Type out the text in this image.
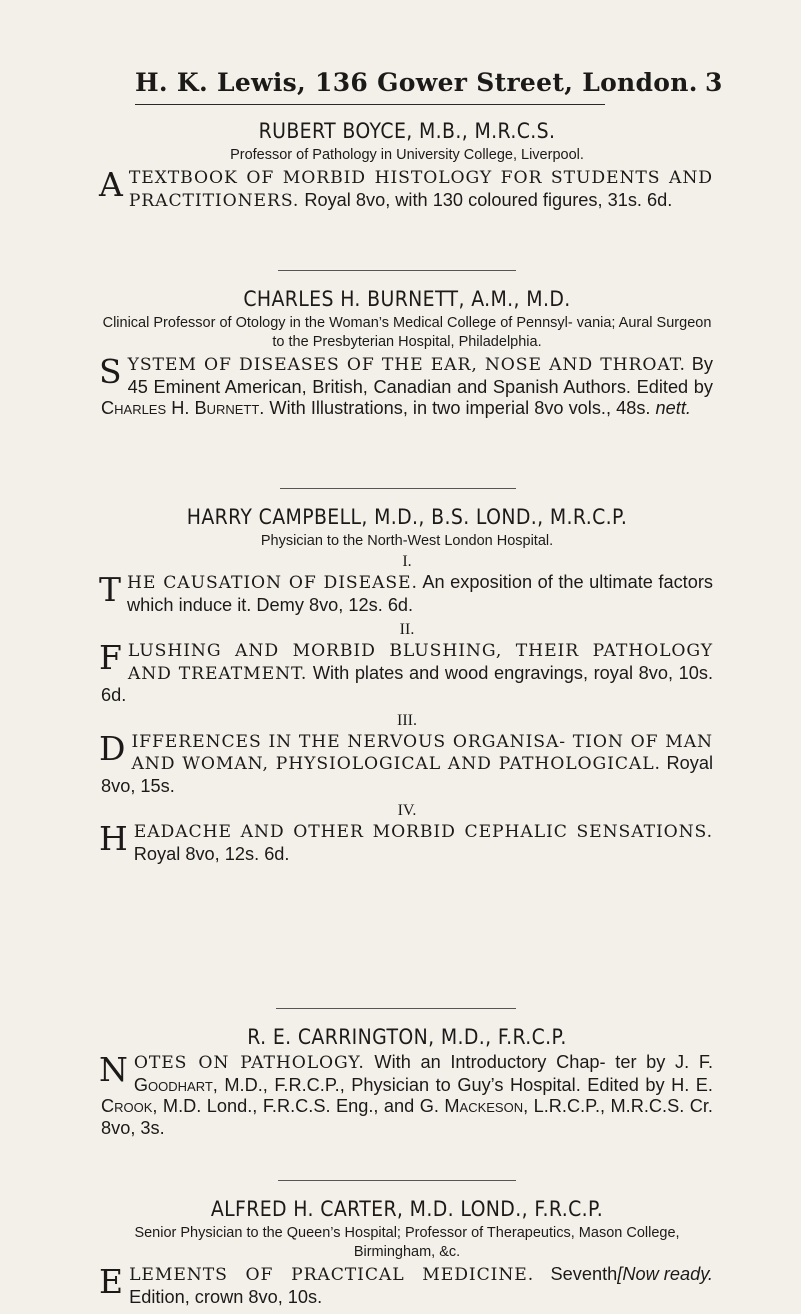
H. K. Lewis, 136 Gower Street, London. 3

RUBERT BOYCE, M.B., M.R.C.S.

Professor of Pathology in University College, Liverpool.

ATEXTBOOK OF MORBID HISTOLOGY FOR STUDENTS AND PRACTITIONERS. Royal 8vo, with 130 coloured figures, 31s. 6d.

CHARLES H. BURNETT, A.M., M.D.

Clinical Professor of Otology in the Woman’s Medical College of Pennsyl- vania; Aural Surgeon to the Presbyterian Hospital, Philadelphia.

SYSTEM OF DISEASES OF THE EAR, NOSE AND THROAT. By 45 Eminent American, British, Canadian and Spanish Authors. Edited by Charles H. Burnett. With Illustrations, in two imperial 8vo vols., 48s. nett.

HARRY CAMPBELL, M.D., B.S. LOND., M.R.C.P.

Physician to the North-West London Hospital.
I.

THE CAUSATION OF DISEASE. An exposition of the ultimate factors which induce it. Demy 8vo, 12s. 6d.

II.

FLUSHING AND MORBID BLUSHING, THEIR PATHOLOGY AND TREATMENT. With plates and wood engravings, royal 8vo, 10s. 6d.

III.

DIFFERENCES IN THE NERVOUS ORGANISA- TION OF MAN AND WOMAN, PHYSIOLOGICAL AND PATHOLOGICAL. Royal 8vo, 15s.

IV.

HEADACHE AND OTHER MORBID CEPHALIC SENSATIONS. Royal 8vo, 12s. 6d.

R. E. CARRINGTON, M.D., F.R.C.P.

NOTES ON PATHOLOGY. With an Introductory Chap- ter by J. F. Goodhart, M.D., F.R.C.P., Physician to Guy’s Hospital. Edited by H. E. Crook, M.D. Lond., F.R.C.S. Eng., and G. Mackeson, L.R.C.P., M.R.C.S. Cr. 8vo, 3s.

ALFRED H. CARTER, M.D. LOND., F.R.C.P.

Senior Physician to the Queen’s Hospital; Professor of Therapeutics, Mason College, Birmingham, &c.

ELEMENTS OF PRACTICAL MEDICINE.	[Now ready.
Seventh Edition, crown 8vo, 10s.
